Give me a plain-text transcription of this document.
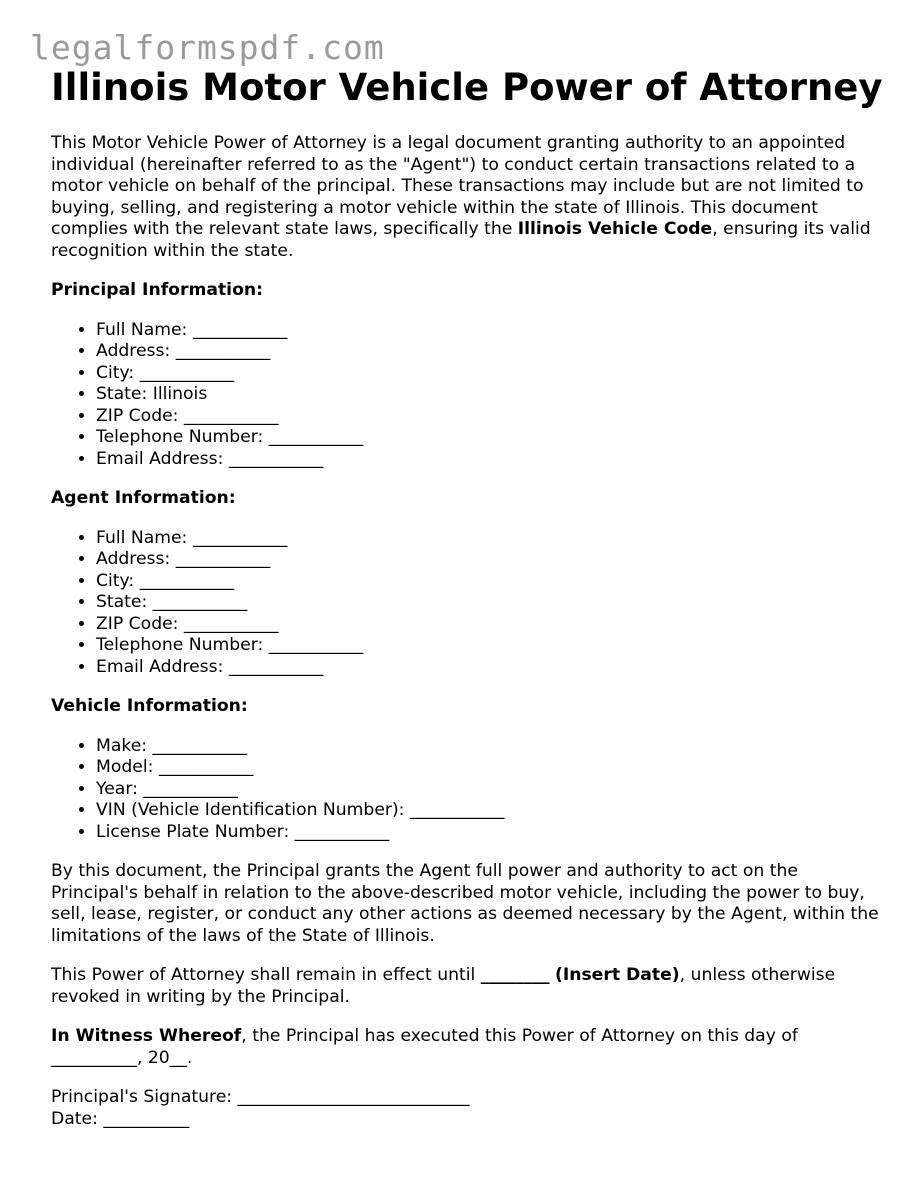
legalformspdf.com
Illinois Motor Vehicle Power of Attorney

This Motor Vehicle Power of Attorney is a legal document granting authority to an appointed individual (hereinafter referred to as the "Agent") to conduct certain transactions related to a motor vehicle on behalf of the principal. These transactions may include but are not limited to buying, selling, and registering a motor vehicle within the state of Illinois. This document complies with the relevant state laws, specifically the Illinois Vehicle Code, ensuring its valid recognition within the state.

Principal Information:

• Full Name: ___________
• Address: ___________
• City: ___________
• State: Illinois
• ZIP Code: ___________
• Telephone Number: ___________
• Email Address: ___________

Agent Information:

• Full Name: ___________
• Address: ___________
• City: ___________
• State: ___________
• ZIP Code: ___________
• Telephone Number: ___________
• Email Address: ___________

Vehicle Information:

• Make: ___________
• Model: ___________
• Year: ___________
• VIN (Vehicle Identification Number): ___________
• License Plate Number: ___________

By this document, the Principal grants the Agent full power and authority to act on the Principal's behalf in relation to the above-described motor vehicle, including the power to buy, sell, lease, register, or conduct any other actions as deemed necessary by the Agent, within the limitations of the laws of the State of Illinois.

This Power of Attorney shall remain in effect until ________ (Insert Date), unless otherwise revoked in writing by the Principal.

In Witness Whereof, the Principal has executed this Power of Attorney on this day of __________, 20__.

Principal's Signature: ___________________________

Date: __________
